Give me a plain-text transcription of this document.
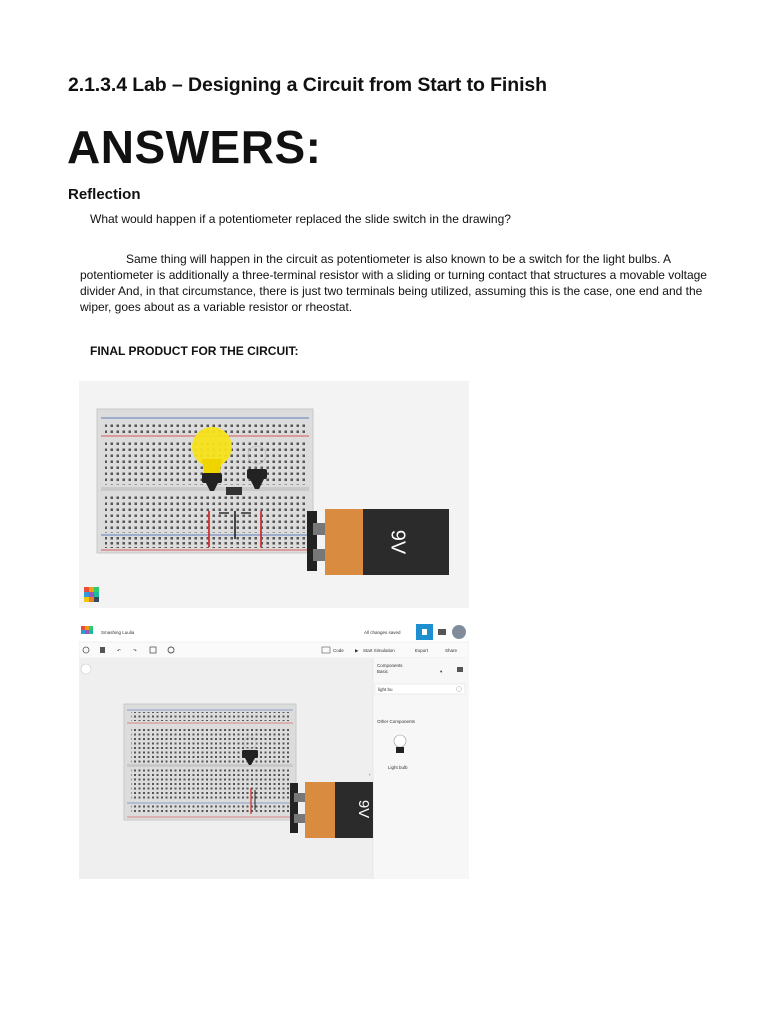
2.1.3.4 Lab – Designing a Circuit from Start to Finish
ANSWERS:
Reflection
What would happen if a potentiometer replaced the slide switch in the drawing?

Same thing will happen in the circuit as potentiometer is also known to be a switch for the light bulbs. A potentiometer is additionally a three-terminal resistor with a sliding or turning contact that structures a movable voltage divider And, in that circumstance, there is just two terminals being utilized, assuming this is the case, one end and the wiper, goes about as a variable resistor or rheostat.

FINAL PRODUCT FOR THE CIRCUIT:
9V
Smashing Luulia	All changes saved
↶	↷	Code ▶ Start Simulation	Export	Share
Components
Basic	▾
light bu
Other Components
Light bulb
›
9V
